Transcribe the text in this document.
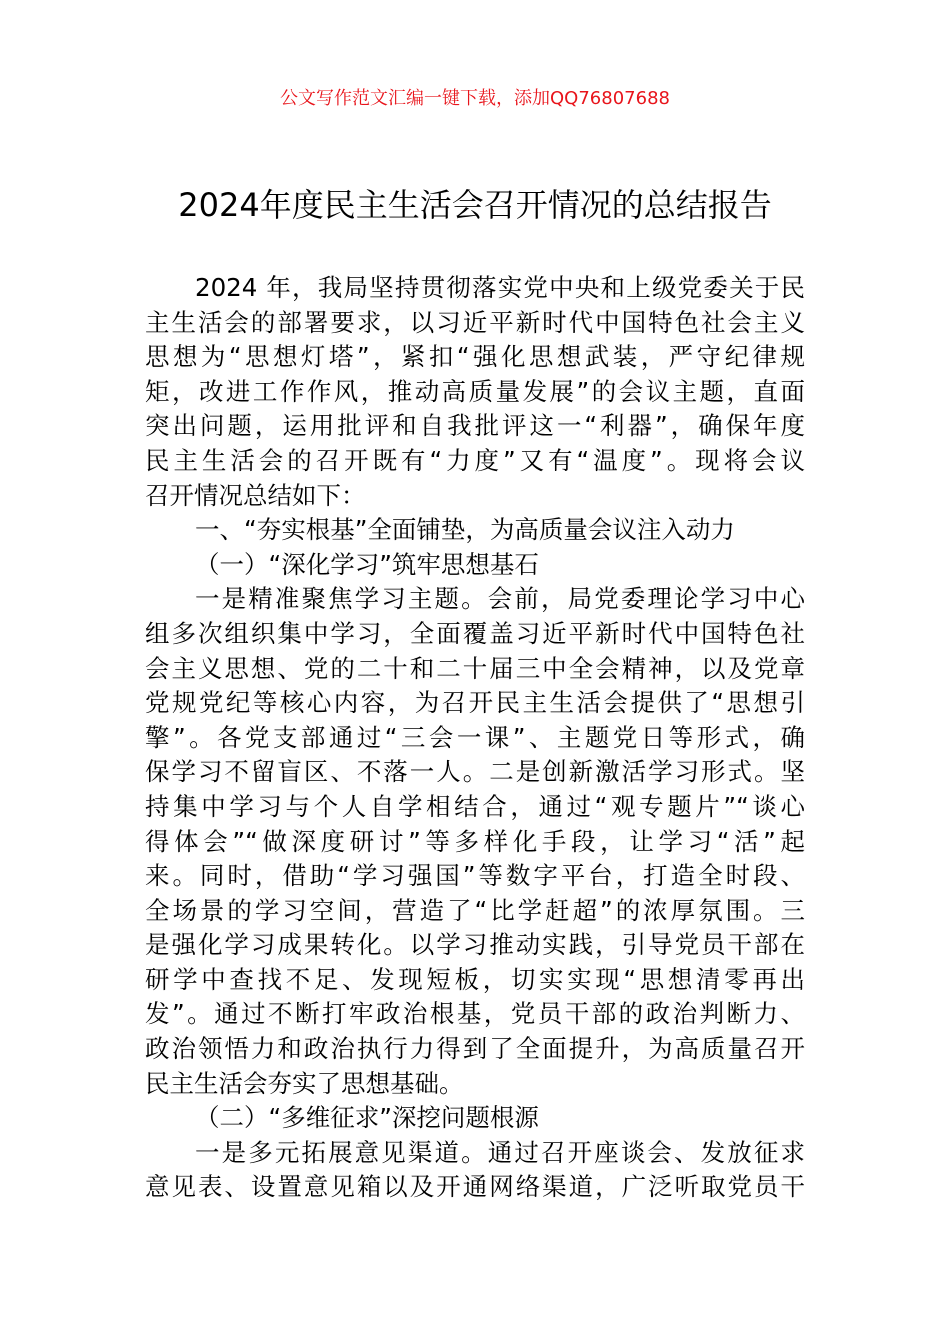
公文写作范文汇编一键下载，添加QQ76807688
2024年度民主生活会召开情况的总结报告
2024 年，我局坚持贯彻落实党中央和上级党委关于民
主生活会的部署要求，以习近平新时代中国特色社会主义
思想为“思想灯塔”，紧扣“强化思想武装，严守纪律规
矩，改进工作作风，推动高质量发展”的会议主题，直面
突出问题，运用批评和自我批评这一“利器”，确保年度
民主生活会的召开既有“力度”又有“温度”。现将会议
召开情况总结如下：
一、“夯实根基”全面铺垫，为高质量会议注入动力
（一）“深化学习”筑牢思想基石
一是精准聚焦学习主题。会前，局党委理论学习中心
组多次组织集中学习，全面覆盖习近平新时代中国特色社
会主义思想、党的二十和二十届三中全会精神，以及党章
党规党纪等核心内容，为召开民主生活会提供了“思想引
擎”。各党支部通过“三会一课”、主题党日等形式，确
保学习不留盲区、不落一人。二是创新激活学习形式。坚
持集中学习与个人自学相结合，通过“观专题片”“谈心
得体会”“做深度研讨”等多样化手段，让学习“活”起
来。同时，借助“学习强国”等数字平台，打造全时段、
全场景的学习空间，营造了“比学赶超”的浓厚氛围。三
是强化学习成果转化。以学习推动实践，引导党员干部在
研学中查找不足、发现短板，切实实现“思想清零再出
发”。通过不断打牢政治根基，党员干部的政治判断力、
政治领悟力和政治执行力得到了全面提升，为高质量召开
民主生活会夯实了思想基础。
（二）“多维征求”深挖问题根源
一是多元拓展意见渠道。通过召开座谈会、发放征求
意见表、设置意见箱以及开通网络渠道，广泛听取党员干
